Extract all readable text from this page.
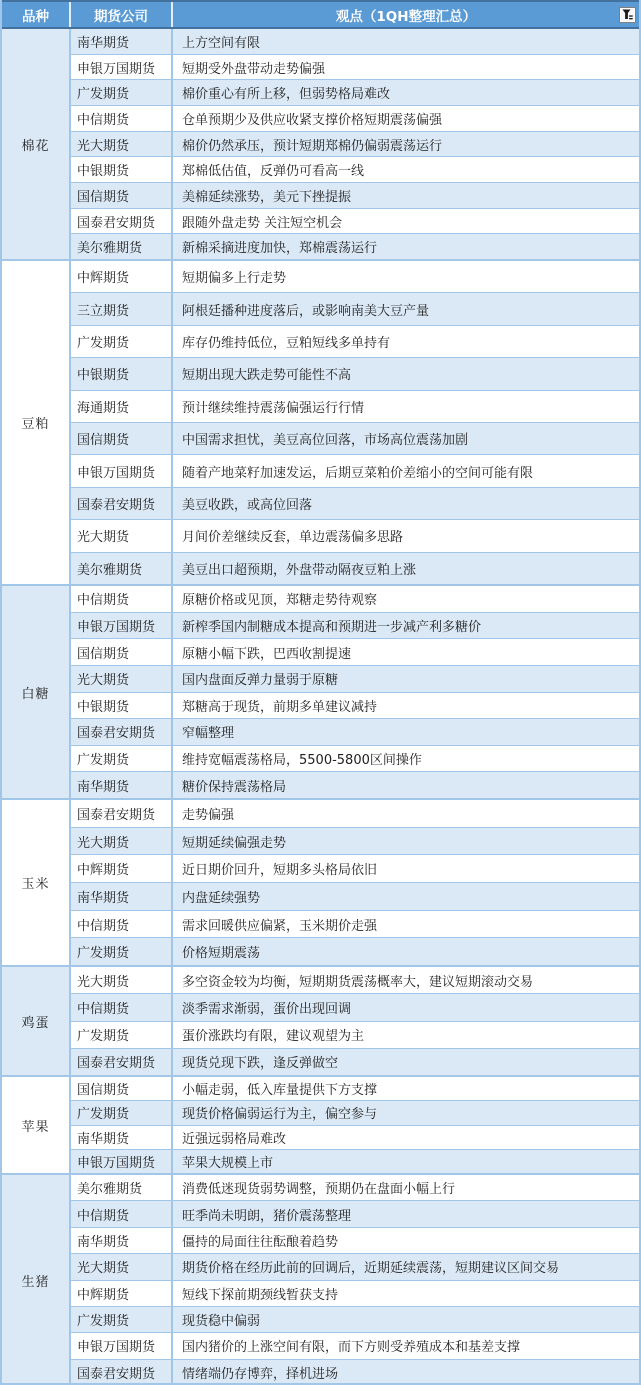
品种	期货公司	观点（1QH整理汇总）
棉花
南华期货	上方空间有限
申银万国期货	短期受外盘带动走势偏强
广发期货	棉价重心有所上移，但弱势格局难改
中信期货	仓单预期少及供应收紧支撑价格短期震荡偏强
光大期货	棉价仍然承压，预计短期郑棉仍偏弱震荡运行
中银期货	郑棉低估值，反弹仍可看高一线
国信期货	美棉延续涨势，美元下挫提振
国泰君安期货	跟随外盘走势 关注短空机会
美尔雅期货	新棉采摘进度加快，郑棉震荡运行
豆粕
中辉期货	短期偏多上行走势
三立期货	阿根廷播种进度落后，或影响南美大豆产量
广发期货	库存仍维持低位，豆粕短线多单持有
中银期货	短期出现大跌走势可能性不高
海通期货	预计继续维持震荡偏强运行行情
国信期货	中国需求担忧，美豆高位回落，市场高位震荡加剧
申银万国期货	随着产地菜籽加速发运，后期豆菜粕价差缩小的空间可能有限
国泰君安期货	美豆收跌，或高位回落
光大期货	月间价差继续反套，单边震荡偏多思路
美尔雅期货	美豆出口超预期，外盘带动隔夜豆粕上涨
白糖
中信期货	原糖价格或见顶，郑糖走势待观察
申银万国期货	新榨季国内制糖成本提高和预期进一步减产利多糖价
国信期货	原糖小幅下跌，巴西收割提速
光大期货	国内盘面反弹力量弱于原糖
中银期货	郑糖高于现货，前期多单建议减持
国泰君安期货	窄幅整理
广发期货	维持宽幅震荡格局，5500-5800区间操作
南华期货	糖价保持震荡格局
玉米
国泰君安期货	走势偏强
光大期货	短期延续偏强走势
中辉期货	近日期价回升，短期多头格局依旧
南华期货	内盘延续强势
中信期货	需求回暖供应偏紧，玉米期价走强
广发期货	价格短期震荡
鸡蛋
光大期货	多空资金较为均衡，短期期货震荡概率大，建议短期滚动交易
中信期货	淡季需求渐弱，蛋价出现回调
广发期货	蛋价涨跌均有限，建议观望为主
国泰君安期货	现货兑现下跌，逢反弹做空
苹果
国信期货	小幅走弱，低入库量提供下方支撑
广发期货	现货价格偏弱运行为主，偏空参与
南华期货	近强远弱格局难改
申银万国期货	苹果大规模上市
生猪
美尔雅期货	消费低迷现货弱势调整，预期仍在盘面小幅上行
中信期货	旺季尚未明朗，猪价震荡整理
南华期货	僵持的局面往往酝酿着趋势
光大期货	期货价格在经历此前的回调后，近期延续震荡，短期建议区间交易
中辉期货	短线下探前期颈线暂获支持
广发期货	现货稳中偏弱
申银万国期货	国内猪价的上涨空间有限，而下方则受养殖成本和基差支撑
国泰君安期货	情绪端仍存博弈，择机进场
